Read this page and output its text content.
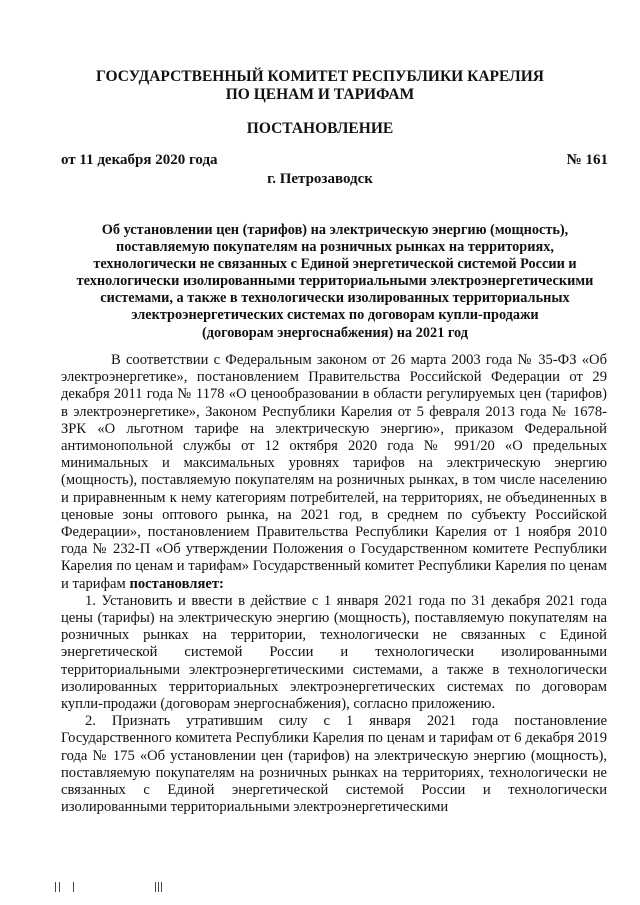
ГОСУДАРСТВЕННЫЙ КОМИТЕТ РЕСПУБЛИКИ КАРЕЛИЯ
ПО ЦЕНАМ И ТАРИФАМ
ПОСТАНОВЛЕНИЕ
от 11 декабря 2020 года	№ 161
г. Петрозаводск
Об установлении цен (тарифов) на электрическую энергию (мощность),
поставляемую покупателям на розничных рынках на территориях,
технологически не связанных с Единой энергетической системой России и
технологически изолированными территориальными электроэнергетическими
системами, а также в технологически изолированных территориальных
электроэнергетических системах по договорам купли-продажи
(договорам энергоснабжения) на 2021 год

В соответствии с Федеральным законом от 26 марта 2003 года № 35-ФЗ «Об электроэнергетике», постановлением Правительства Российской Федерации от 29 декабря 2011 года № 1178 «О ценообразовании в области регулируемых цен (тарифов) в электроэнергетике», Законом Республики Карелия от 5 февраля 2013 года № 1678-ЗРК «О льготном тарифе на электрическую энергию», приказом Федеральной антимонопольной службы от 12 октября 2020 года № 991/20 «О предельных минимальных и максимальных уровнях тарифов на электрическую энергию (мощность), поставляемую покупателям на розничных рынках, в том числе населению и приравненным к нему категориям потребителей, на территориях, не объединенных в ценовые зоны оптового рынка, на 2021 год, в среднем по субъекту Российской Федерации», постановлением Правительства Республики Карелия от 1 ноября 2010 года № 232-П «Об утверждении Положения о Государственном комитете Республики Карелия по ценам и тарифам» Государственный комитет Республики Карелия по ценам и тарифам постановляет:

1. Установить и ввести в действие с 1 января 2021 года по 31 декабря 2021 года цены (тарифы) на электрическую энергию (мощность), поставляемую покупателям на розничных рынках на территории, технологически не связанных с Единой энергетической системой России и технологически изолированными территориальными электроэнергетическими системами, а также в технологически изолированных территориальных электроэнергетических системах по договорам купли-продажи (договорам энергоснабжения), согласно приложению.

2. Признать утратившим силу с 1 января 2021 года постановление Государственного комитета Республики Карелия по ценам и тарифам от 6 декабря 2019 года № 175 «Об установлении цен (тарифов) на электрическую энергию (мощность), поставляемую покупателям на розничных рынках на территориях, технологически не связанных с Единой энергетической системой России и технологически изолированными территориальными электроэнергетическими
